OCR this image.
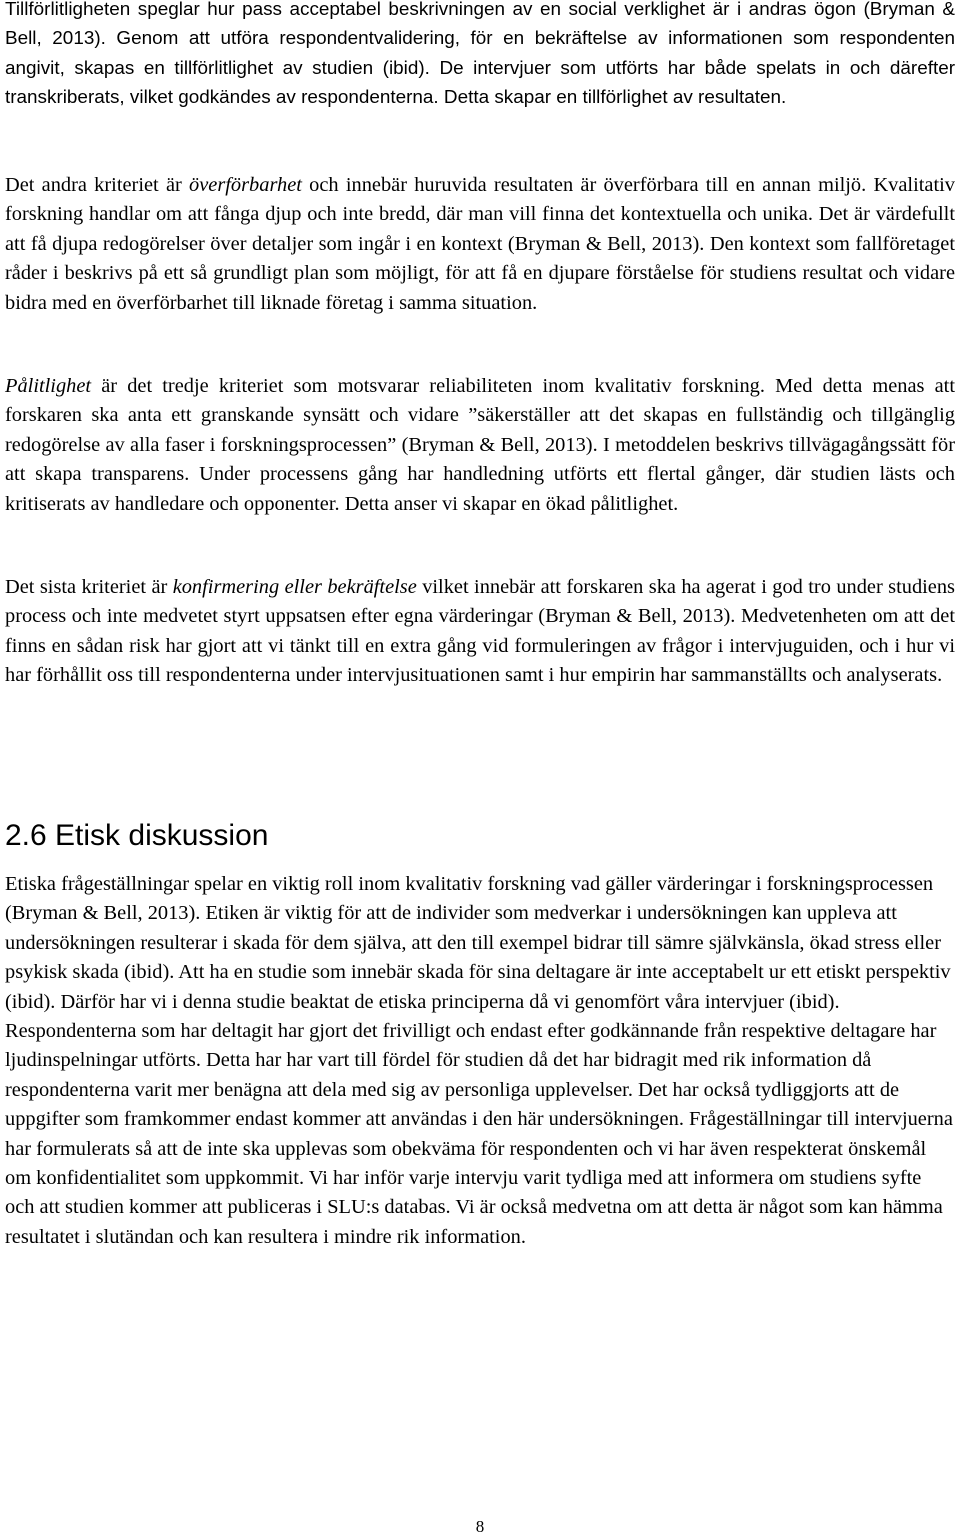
Tillförlitligheten speglar hur pass acceptabel beskrivningen av en social verklighet är i andras ögon (Bryman & Bell, 2013). Genom att utföra respondentvalidering, för en bekräftelse av informationen som respondenten angivit, skapas en tillförlitlighet av studien (ibid). De intervjuer som utförts har både spelats in och därefter transkriberats, vilket godkändes av respondenterna. Detta skapar en tillförlighet av resultaten.

Det andra kriteriet är överförbarhet och innebär huruvida resultaten är överförbara till en annan miljö. Kvalitativ forskning handlar om att fånga djup och inte bredd, där man vill finna det kontextuella och unika. Det är värdefullt att få djupa redogörelser över detaljer som ingår i en kontext (Bryman & Bell, 2013). Den kontext som fallföretaget råder i beskrivs på ett så grundligt plan som möjligt, för att få en djupare förståelse för studiens resultat och vidare bidra med en överförbarhet till liknade företag i samma situation.

Pålitlighet är det tredje kriteriet som motsvarar reliabiliteten inom kvalitativ forskning. Med detta menas att forskaren ska anta ett granskande synsätt och vidare ”säkerställer att det skapas en fullständig och tillgänglig redogörelse av alla faser i forskningsprocessen” (Bryman & Bell, 2013). I metoddelen beskrivs tillvägagångssätt för att skapa transparens. Under processens gång har handledning utförts ett flertal gånger, där studien lästs och kritiserats av handledare och opponenter. Detta anser vi skapar en ökad pålitlighet.

Det sista kriteriet är konfirmering eller bekräftelse vilket innebär att forskaren ska ha agerat i god tro under studiens process och inte medvetet styrt uppsatsen efter egna värderingar (Bryman & Bell, 2013). Medvetenheten om att det finns en sådan risk har gjort att vi tänkt till en extra gång vid formuleringen av frågor i intervjuguiden, och i hur vi har förhållit oss till respondenterna under intervjusituationen samt i hur empirin har sammanställts och analyserats.

2.6 Etisk diskussion

Etiska frågeställningar spelar en viktig roll inom kvalitativ forskning vad gäller värderingar i forskningsprocessen (Bryman & Bell, 2013). Etiken är viktig för att de individer som medverkar i undersökningen kan uppleva att undersökningen resulterar i skada för dem själva, att den till exempel bidrar till sämre självkänsla, ökad stress eller psykisk skada (ibid). Att ha en studie som innebär skada för sina deltagare är inte acceptabelt ur ett etiskt perspektiv (ibid). Därför har vi i denna studie beaktat de etiska principerna då vi genomfört våra intervjuer (ibid). Respondenterna som har deltagit har gjort det frivilligt och endast efter godkännande från respektive deltagare har ljudinspelningar utförts. Detta har har vart till fördel för studien då det har bidragit med rik information då respondenterna varit mer benägna att dela med sig av personliga upplevelser. Det har också tydliggjorts att de uppgifter som framkommer endast kommer att användas i den här undersökningen. Frågeställningar till intervjuerna har formulerats så att de inte ska upplevas som obekväma för respondenten och vi har även respekterat önskemål om konfidentialitet som uppkommit. Vi har inför varje intervju varit tydliga med att informera om studiens syfte och att studien kommer att publiceras i SLU:s databas. Vi är också medvetna om att detta är något som kan hämma resultatet i slutändan och kan resultera i mindre rik information.

8
